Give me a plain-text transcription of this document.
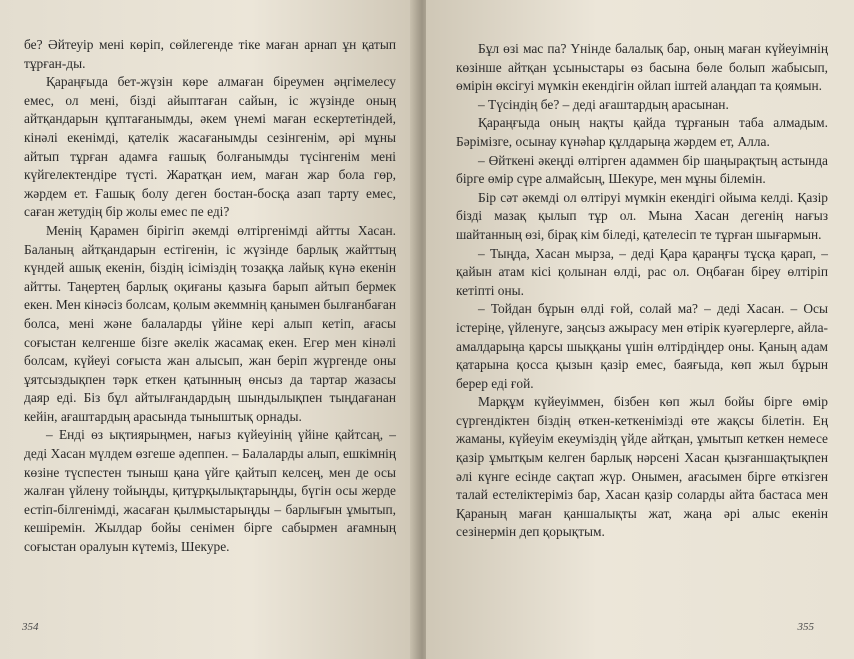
бе? Әйтеуір мені көріп, сөйлегенде тіке маған арнап ұн қатып тұрған-ды.

Қараңғыда бет-жүзін көре алмаған біреумен әңгімелесу емес, ол мені, бізді айыптаған сайын, іс жүзінде оның айтқандарын құптағанымды, әкем үнемі маған ескертетіндей, кінәлі екенімді, қателік жасағанымды сезінгенім, әрі мұны айтып тұрған адамға ғашық болғанымды түсінгенім мені күйгелектендіре түсті. Жаратқан ием, маған жар бола гөр, жәрдем ет. Ғашық болу деген бостан-босқа азап тарту емес, саған жетудің бір жолы емес пе еді?

Менің Қарамен бірігіп әкемді өлтіргенімді айтты Хасан. Баланың айтқандарын естігенін, іс жүзінде барлық жайттың күндей ашық екенін, біздің ісіміздің тозаққа лайық күнә екенін айтты. Таңертең барлық оқиғаны қазыға барып айтып бермек екен. Мен кінәсіз болсам, қолым әкеммнің қанымен былғанбаған болса, мені және балаларды үйіне кері алып кетіп, ағасы соғыстан келгенше бізге әкелік жасамақ екен. Егер мен кінәлі болсам, күйеуі соғыста жан алысып, жан беріп жүргенде оны ұятсыздықпен тәрк еткен қатынның өнсыз да тартар жазасы даяр еді. Біз бұл айтылғандардың шындылықпен тыңдағанан кейін, ағаштардың арасында тыныштық орнады.

– Енді өз ықтиярыңмен, нағыз күйеуінің үйіне қайтсаң, – деді Хасан мүлдем өзгеше әдеппен. – Балаларды алып, ешкімнің көзіне түспестен тыныш қана үйге қайтып келсең, мен де осы жалған үйлену тойыңды, қитұрқылықтарыңды, бүгін осы жерде естіп-білгенімді, жасаған қылмыстарыңды – барлығын ұмытып, кешіремін. Жылдар бойы сенімен бірге сабырмен ағамның соғыстан оралуын күтеміз, Шекуре.

354

Бұл өзі мас па? Үнінде балалық бар, оның маған күйеуімнің көзінше айтқан ұсыныстары өз басына бөле болып жабысып, өмірін өксігуі мүмкін екендігін ойлап іштей алаңдап та қоямын.

– Түсіндің бе? – деді ағаштардың арасынан.

Қараңғыда оның нақты қайда тұрғанын таба алмадым. Бәрімізге, осынау күнәһар құлдарыңа жәрдем ет, Алла.

– Өйткені әкеңді өлтірген адаммен бір шаңырақтың астында бірге өмір сүре алмайсың, Шекуре, мен мұны білемін.

Бір сәт әкемді ол өлтіруі мүмкін екендігі ойыма келді. Қазір бізді мазақ қылып тұр ол. Мына Хасан дегенің нағыз шайтанның өзі, бірақ кім біледі, қателесіп те тұрған шығармын.

– Тыңда, Хасан мырза, – деді Қара қараңғы тұсқа қарап, – қайын атам кісі қолынан өлді, рас ол. Оңбаған біреу өлтіріп кетіпті оны.

– Тойдан бұрын өлді ғой, солай ма? – деді Хасан. – Осы істеріңе, үйленуге, заңсыз ажырасу мен өтірік куәгерлерге, айла-амалдарыңа қарсы шыққаны үшін өлтірдіңдер оны. Қаның адам қатарына қосса қызын қазір емес, баяғыда, көп жыл бұрын берер еді ғой.

Марқұм күйеуіммен, бізбен көп жыл бойы бірге өмір сүргендіктен біздің өткен-кеткенімізді өте жақсы білетін. Ең жаманы, күйеуім екеуміздің үйде айтқан, ұмытып кеткен немесе қазір ұмытқым келген барлық нәрсені Хасан қызғаншақтықпен әлі күнге есінде сақтап жүр. Онымен, ағасымен бірге өткізген талай естеліктеріміз бар, Хасан қазір соларды айта бастаса мен Қараның маған қаншалықты жат, жаңа әрі алыс екенін сезінермін деп қорықтым.

355
